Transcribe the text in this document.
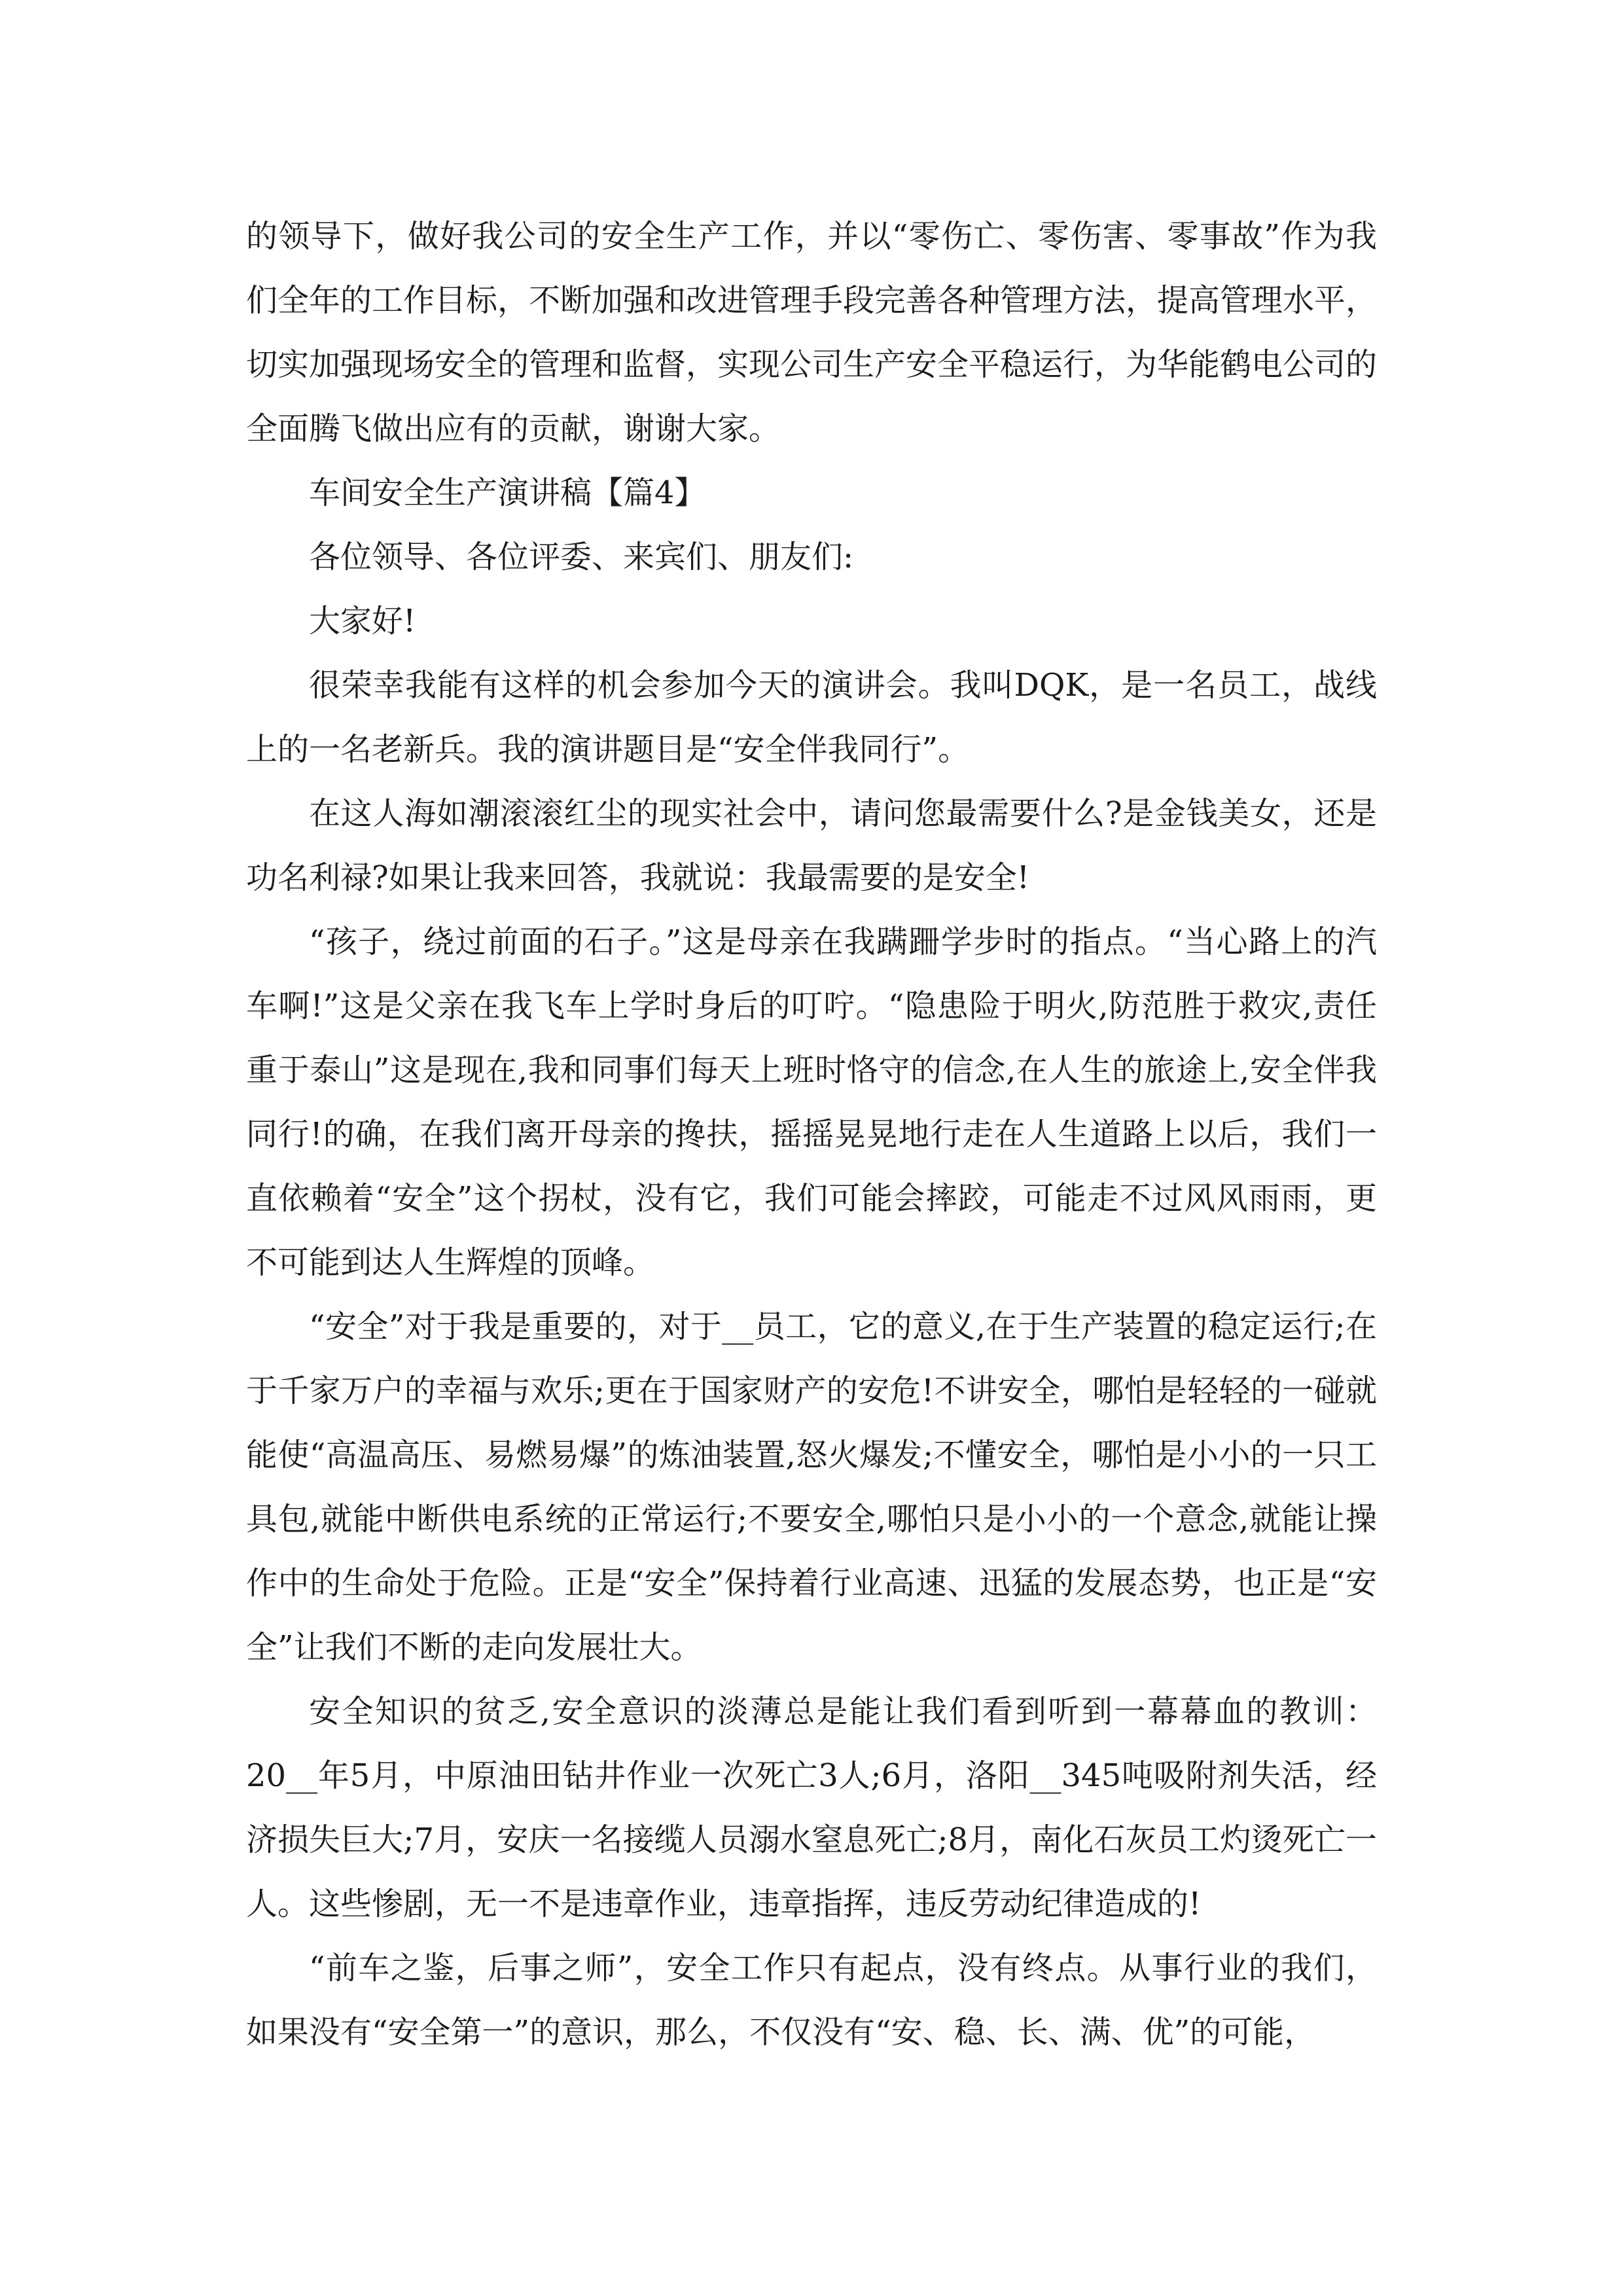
的领导下，做好我公司的安全生产工作，并以“零伤亡、零伤害、零事故”作为我们全年的工作目标，不断加强和改进管理手段完善各种管理方法，提高管理水平，切实加强现场安全的管理和监督，实现公司生产安全平稳运行，为华能鹤电公司的全面腾飞做出应有的贡献，谢谢大家。

车间安全生产演讲稿【篇4】

各位领导、各位评委、来宾们、朋友们:

大家好!

很荣幸我能有这样的机会参加今天的演讲会。我叫DQK，是一名员工，战线上的一名老新兵。我的演讲题目是“安全伴我同行”。

在这人海如潮滚滚红尘的现实社会中，请问您最需要什么?是金钱美女，还是功名利禄?如果让我来回答，我就说：我最需要的是安全!

“孩子，绕过前面的石子。”这是母亲在我蹒跚学步时的指点。“当心路上的汽车啊!”这是父亲在我飞车上学时身后的叮咛。“隐患险于明火,防范胜于救灾,责任重于泰山”这是现在,我和同事们每天上班时恪守的信念,在人生的旅途上,安全伴我同行!的确，在我们离开母亲的搀扶，摇摇晃晃地行走在人生道路上以后，我们一直依赖着“安全”这个拐杖，没有它，我们可能会摔跤，可能走不过风风雨雨，更不可能到达人生辉煌的顶峰。

“安全”对于我是重要的，对于__员工，它的意义,在于生产装置的稳定运行;在于千家万户的幸福与欢乐;更在于国家财产的安危!不讲安全，哪怕是轻轻的一碰就能使“高温高压、易燃易爆”的炼油装置,怒火爆发;不懂安全，哪怕是小小的一只工具包,就能中断供电系统的正常运行;不要安全,哪怕只是小小的一个意念,就能让操作中的生命处于危险。正是“安全”保持着行业高速、迅猛的发展态势，也正是“安全”让我们不断的走向发展壮大。

安全知识的贫乏,安全意识的淡薄总是能让我们看到听到一幕幕血的教训：20__年5月，中原油田钻井作业一次死亡3人;6月，洛阳__345吨吸附剂失活，经济损失巨大;7月，安庆一名接缆人员溺水窒息死亡;8月，南化石灰员工灼烫死亡一人。这些惨剧，无一不是违章作业，违章指挥，违反劳动纪律造成的!

“前车之鉴，后事之师”，安全工作只有起点，没有终点。从事行业的我们，如果没有“安全第一”的意识，那么，不仅没有“安、稳、长、满、优”的可能，
